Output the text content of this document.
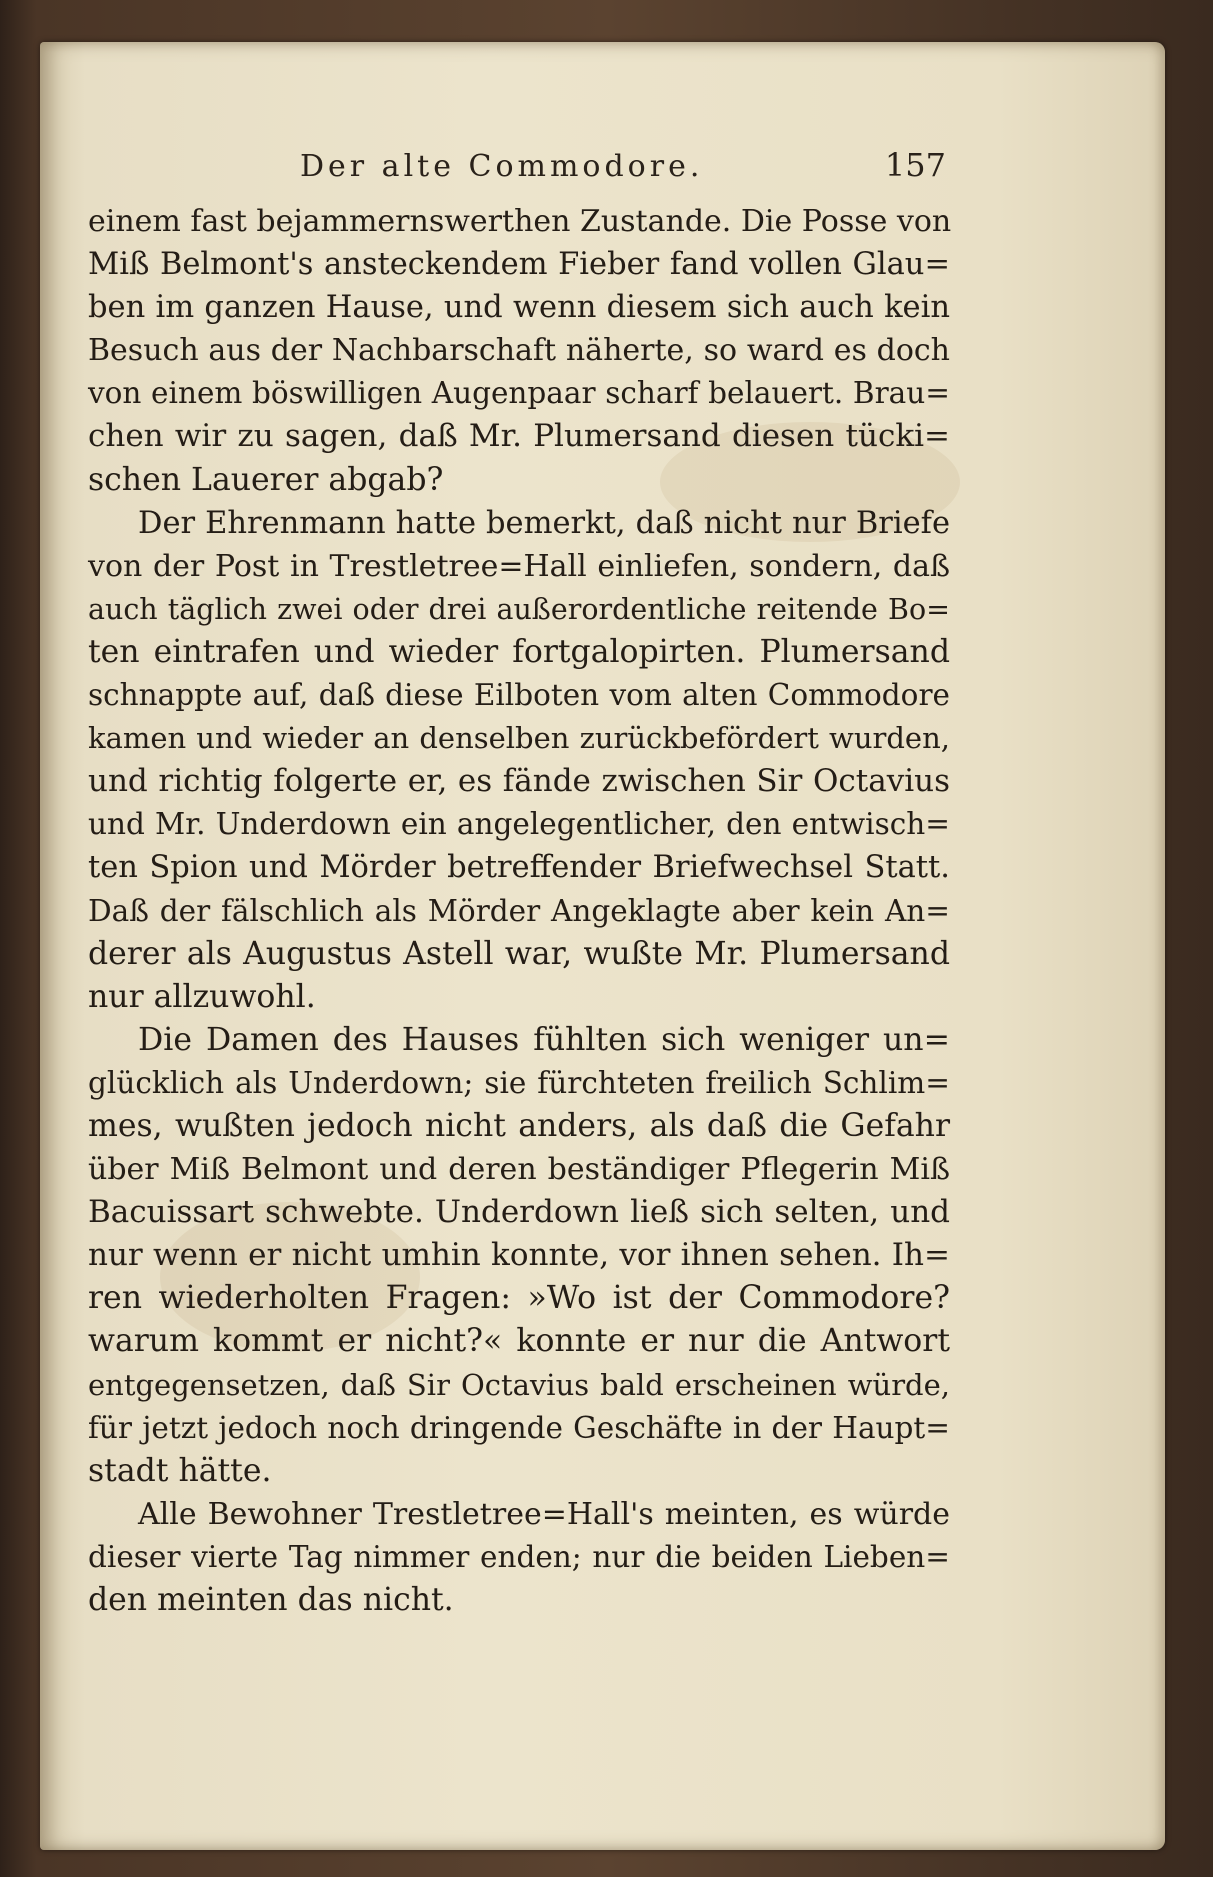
Der alte Commodore.	157
einem fast bejammernswerthen Zustande. Die Posse von
Miß Belmont's ansteckendem Fieber fand vollen Glau=
ben im ganzen Hause, und wenn diesem sich auch kein
Besuch aus der Nachbarschaft näherte, so ward es doch
von einem böswilligen Augenpaar scharf belauert. Brau=
chen wir zu sagen, daß Mr. Plumersand diesen tücki=
schen Lauerer abgab?
Der Ehrenmann hatte bemerkt, daß nicht nur Briefe
von der Post in Trestletree=Hall einliefen, sondern, daß
auch täglich zwei oder drei außerordentliche reitende Bo=
ten eintrafen und wieder fortgalopirten. Plumersand
schnappte auf, daß diese Eilboten vom alten Commodore
kamen und wieder an denselben zurückbefördert wurden,
und richtig folgerte er, es fände zwischen Sir Octavius
und Mr. Underdown ein angelegentlicher, den entwisch=
ten Spion und Mörder betreffender Briefwechsel Statt.
Daß der fälschlich als Mörder Angeklagte aber kein An=
derer als Augustus Astell war, wußte Mr. Plumersand
nur allzuwohl.
Die Damen des Hauses fühlten sich weniger un=
glücklich als Underdown; sie fürchteten freilich Schlim=
mes, wußten jedoch nicht anders, als daß die Gefahr
über Miß Belmont und deren beständiger Pflegerin Miß
Bacuissart schwebte. Underdown ließ sich selten, und
nur wenn er nicht umhin konnte, vor ihnen sehen. Ih=
ren wiederholten Fragen: »Wo ist der Commodore?
warum kommt er nicht?« konnte er nur die Antwort
entgegensetzen, daß Sir Octavius bald erscheinen würde,
für jetzt jedoch noch dringende Geschäfte in der Haupt=
stadt hätte.
Alle Bewohner Trestletree=Hall's meinten, es würde
dieser vierte Tag nimmer enden; nur die beiden Lieben=
den meinten das nicht.
